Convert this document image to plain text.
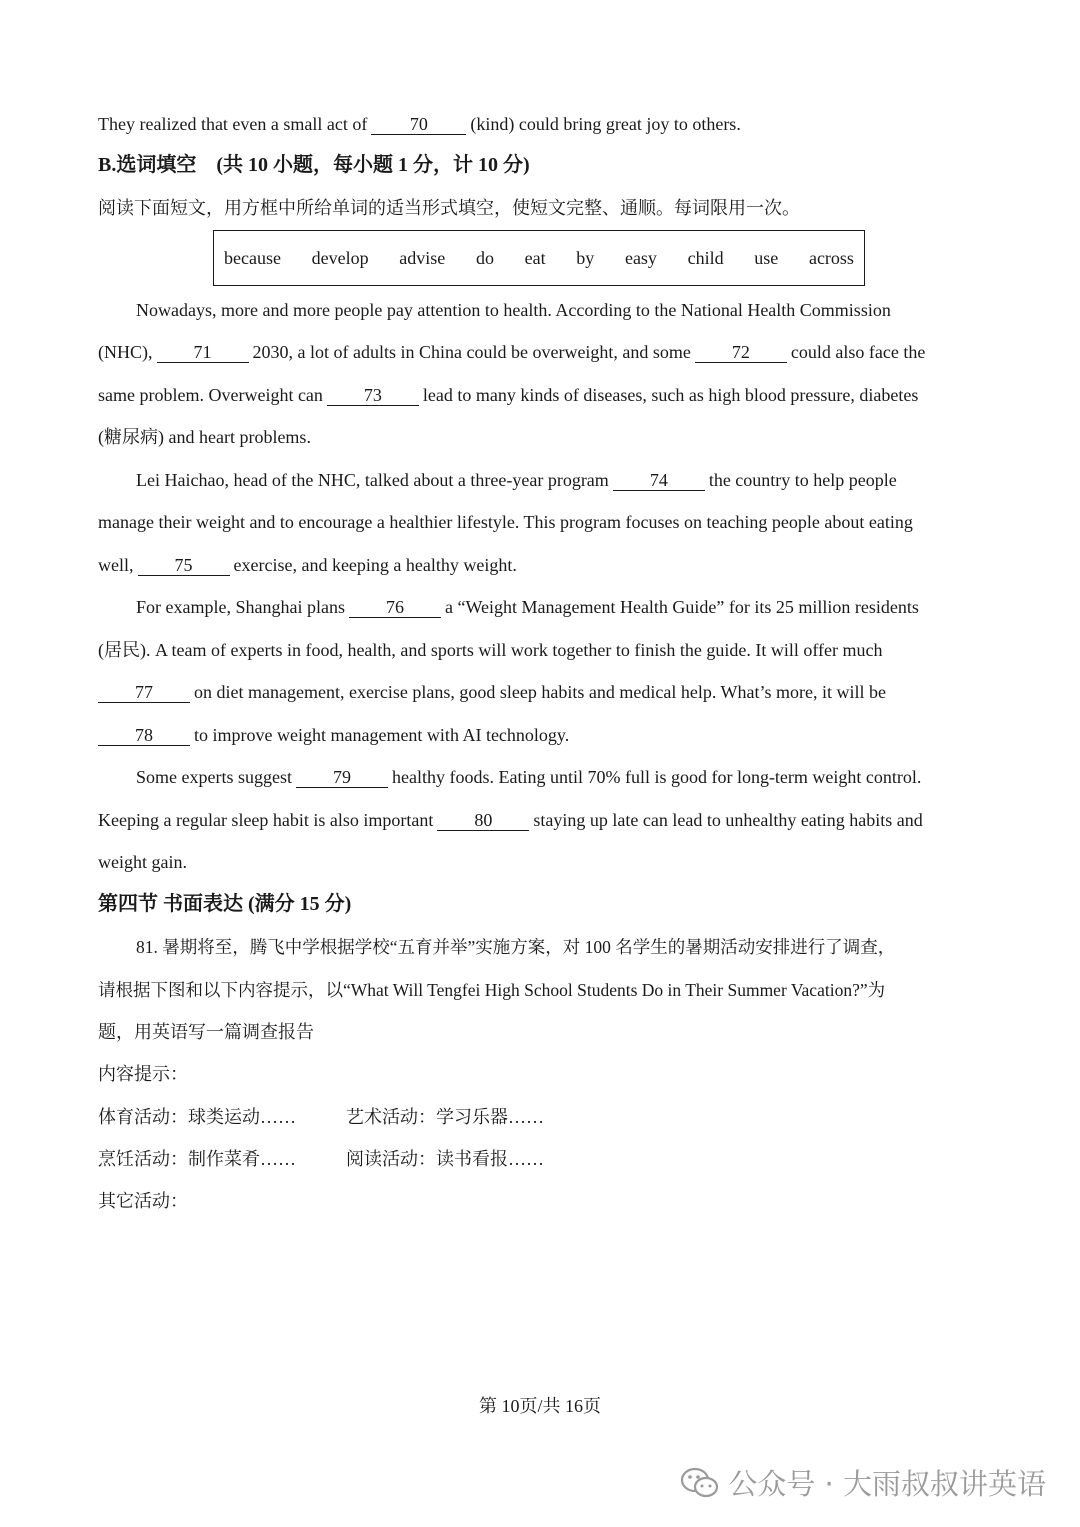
They realized that even a small act of 70 (kind) could bring great joy to others.
B.选词填空　(共 10 小题，每小题 1 分，计 10 分)
阅读下面短文，用方框中所给单词的适当形式填空，使短文完整、通顺。每词限用一次。
because develop advise do eat by easy child use across
Nowadays, more and more people pay attention to health. According to the National Health Commission
(NHC), 71 2030, a lot of adults in China could be overweight, and some 72 could also face the
same problem. Overweight can 73 lead to many kinds of diseases, such as high blood pressure, diabetes
(糖尿病) and heart problems.
Lei Haichao, head of the NHC, talked about a three-year program 74 the country to help people
manage their weight and to encourage a healthier lifestyle. This program focuses on teaching people about eating
well, 75 exercise, and keeping a healthy weight.
For example, Shanghai plans 76 a “Weight Management Health Guide” for its 25 million residents
(居民). A team of experts in food, health, and sports will work together to finish the guide. It will offer much
77 on diet management, exercise plans, good sleep habits and medical help. What’s more, it will be
78 to improve weight management with AI technology.
Some experts suggest 79 healthy foods. Eating until 70% full is good for long-term weight control.
Keeping a regular sleep habit is also important 80 staying up late can lead to unhealthy eating habits and
weight gain.
第四节 书面表达 (满分 15 分)
81. 暑期将至，腾飞中学根据学校“五育并举”实施方案，对 100 名学生的暑期活动安排进行了调查，
请根据下图和以下内容提示，以“What Will Tengfei High School Students Do in Their Summer Vacation?”为
题，用英语写一篇调查报告
内容提示：
体育活动：球类运动……	艺术活动：学习乐器……
烹饪活动：制作菜肴……	阅读活动：读书看报……
其它活动：
第 10页/共 16页
公众号 · 大雨叔叔讲英语
